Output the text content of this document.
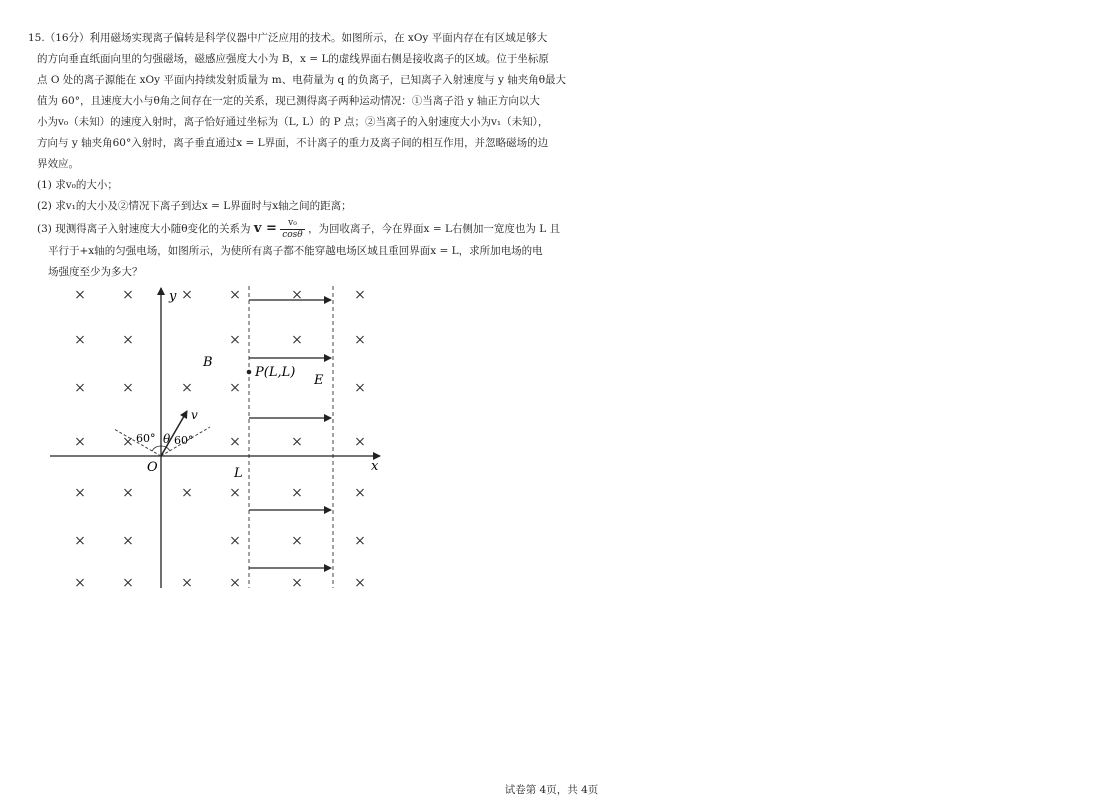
15.（16分）利用磁场实现离子偏转是科学仪器中广泛应用的技术。如图所示，在 xOy 平面内存在有区域足够大
的方向垂直纸面向里的匀强磁场，磁感应强度大小为 B，x = L的虚线界面右侧是接收离子的区域。位于坐标原
点 O 处的离子源能在 xOy 平面内持续发射质量为 m、电荷量为 q 的负离子，已知离子入射速度与 y 轴夹角θ最大
值为 60°，且速度大小与θ角之间存在一定的关系，现已测得离子两种运动情况：①当离子沿 y 轴正方向以大
小为v₀（未知）的速度入射时，离子恰好通过坐标为（L, L）的 P 点；②当离子的入射速度大小为v₁（未知），
方向与 y 轴夹角60°入射时，离子垂直通过x = L界面，不计离子的重力及离子间的相互作用，并忽略磁场的边
界效应。
(1) 求v₀的大小；
(2) 求v₁的大小及②情况下离子到达x = L界面时与x轴之间的距离；
(3) 现测得离子入射速度大小随θ变化的关系为 $v = \frac{\text{v₀}}{\cos\theta}$ ，为回收离子，今在界面x = L右侧加一宽度也为 L 且
平行于+x轴的匀强电场，如图所示，为使所有离子都不能穿越电场区域且重回界面x = L，求所加电场的电
场强度至少为多大？
×	×	×	×	×	×
×	×	×	×	×
×	×	×	×	×
×	×	×	×	×
×	×	×	×	×	×
×	×	×	×	×
×	×	×	×	×	×
y
x
O
B
E
P(L,L)
L
v
θ
60° 60°
试卷第 4页，共 4页
